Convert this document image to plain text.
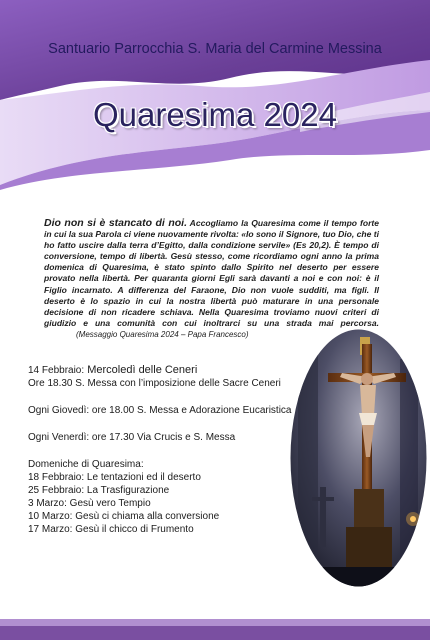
Santuario Parrocchia S. Maria del Carmine Messina
Quaresima 2024
Dio non si è stancato di noi. Accogliamo la Quaresima come il tempo forte in cui la sua Parola ci viene nuovamente rivolta: «Io sono il Signore, tuo Dio, che ti ho fatto uscire dalla terra d’Egitto, dalla condizione servile» (Es 20,2). È tempo di conversione, tempo di libertà. Gesù stesso, come ricordiamo ogni anno la prima domenica di Quaresima, è stato spinto dallo Spirito nel deserto per essere provato nella libertà. Per quaranta giorni Egli sarà davanti a noi e con noi: è il Figlio incarnato. A differenza del Faraone, Dio non vuole sudditi, ma figli. Il deserto è lo spazio in cui la nostra libertà può maturare in una personale decisione di non ricadere schiava. Nella Quaresima troviamo nuovi criteri di giudizio e una comunità con cui inoltrarci su una strada mai percorsa. (Messaggio Quaresima 2024 – Papa Francesco)

14 Febbraio: Mercoledì delle Ceneri

Ore 18.30 S. Messa con l’imposizione delle Sacre Ceneri

Ogni Giovedì: ore 18.00 S. Messa e Adorazione Eucaristica

Ogni Venerdì: ore 17.30 Via Crucis e S. Messa

Domeniche di Quaresima:

18 Febbraio: Le tentazioni ed il deserto

25 Febbraio: La Trasfigurazione

3 Marzo: Gesù vero Tempio

10 Marzo: Gesù ci chiama alla conversione

17 Marzo: Gesù il chicco di Frumento
